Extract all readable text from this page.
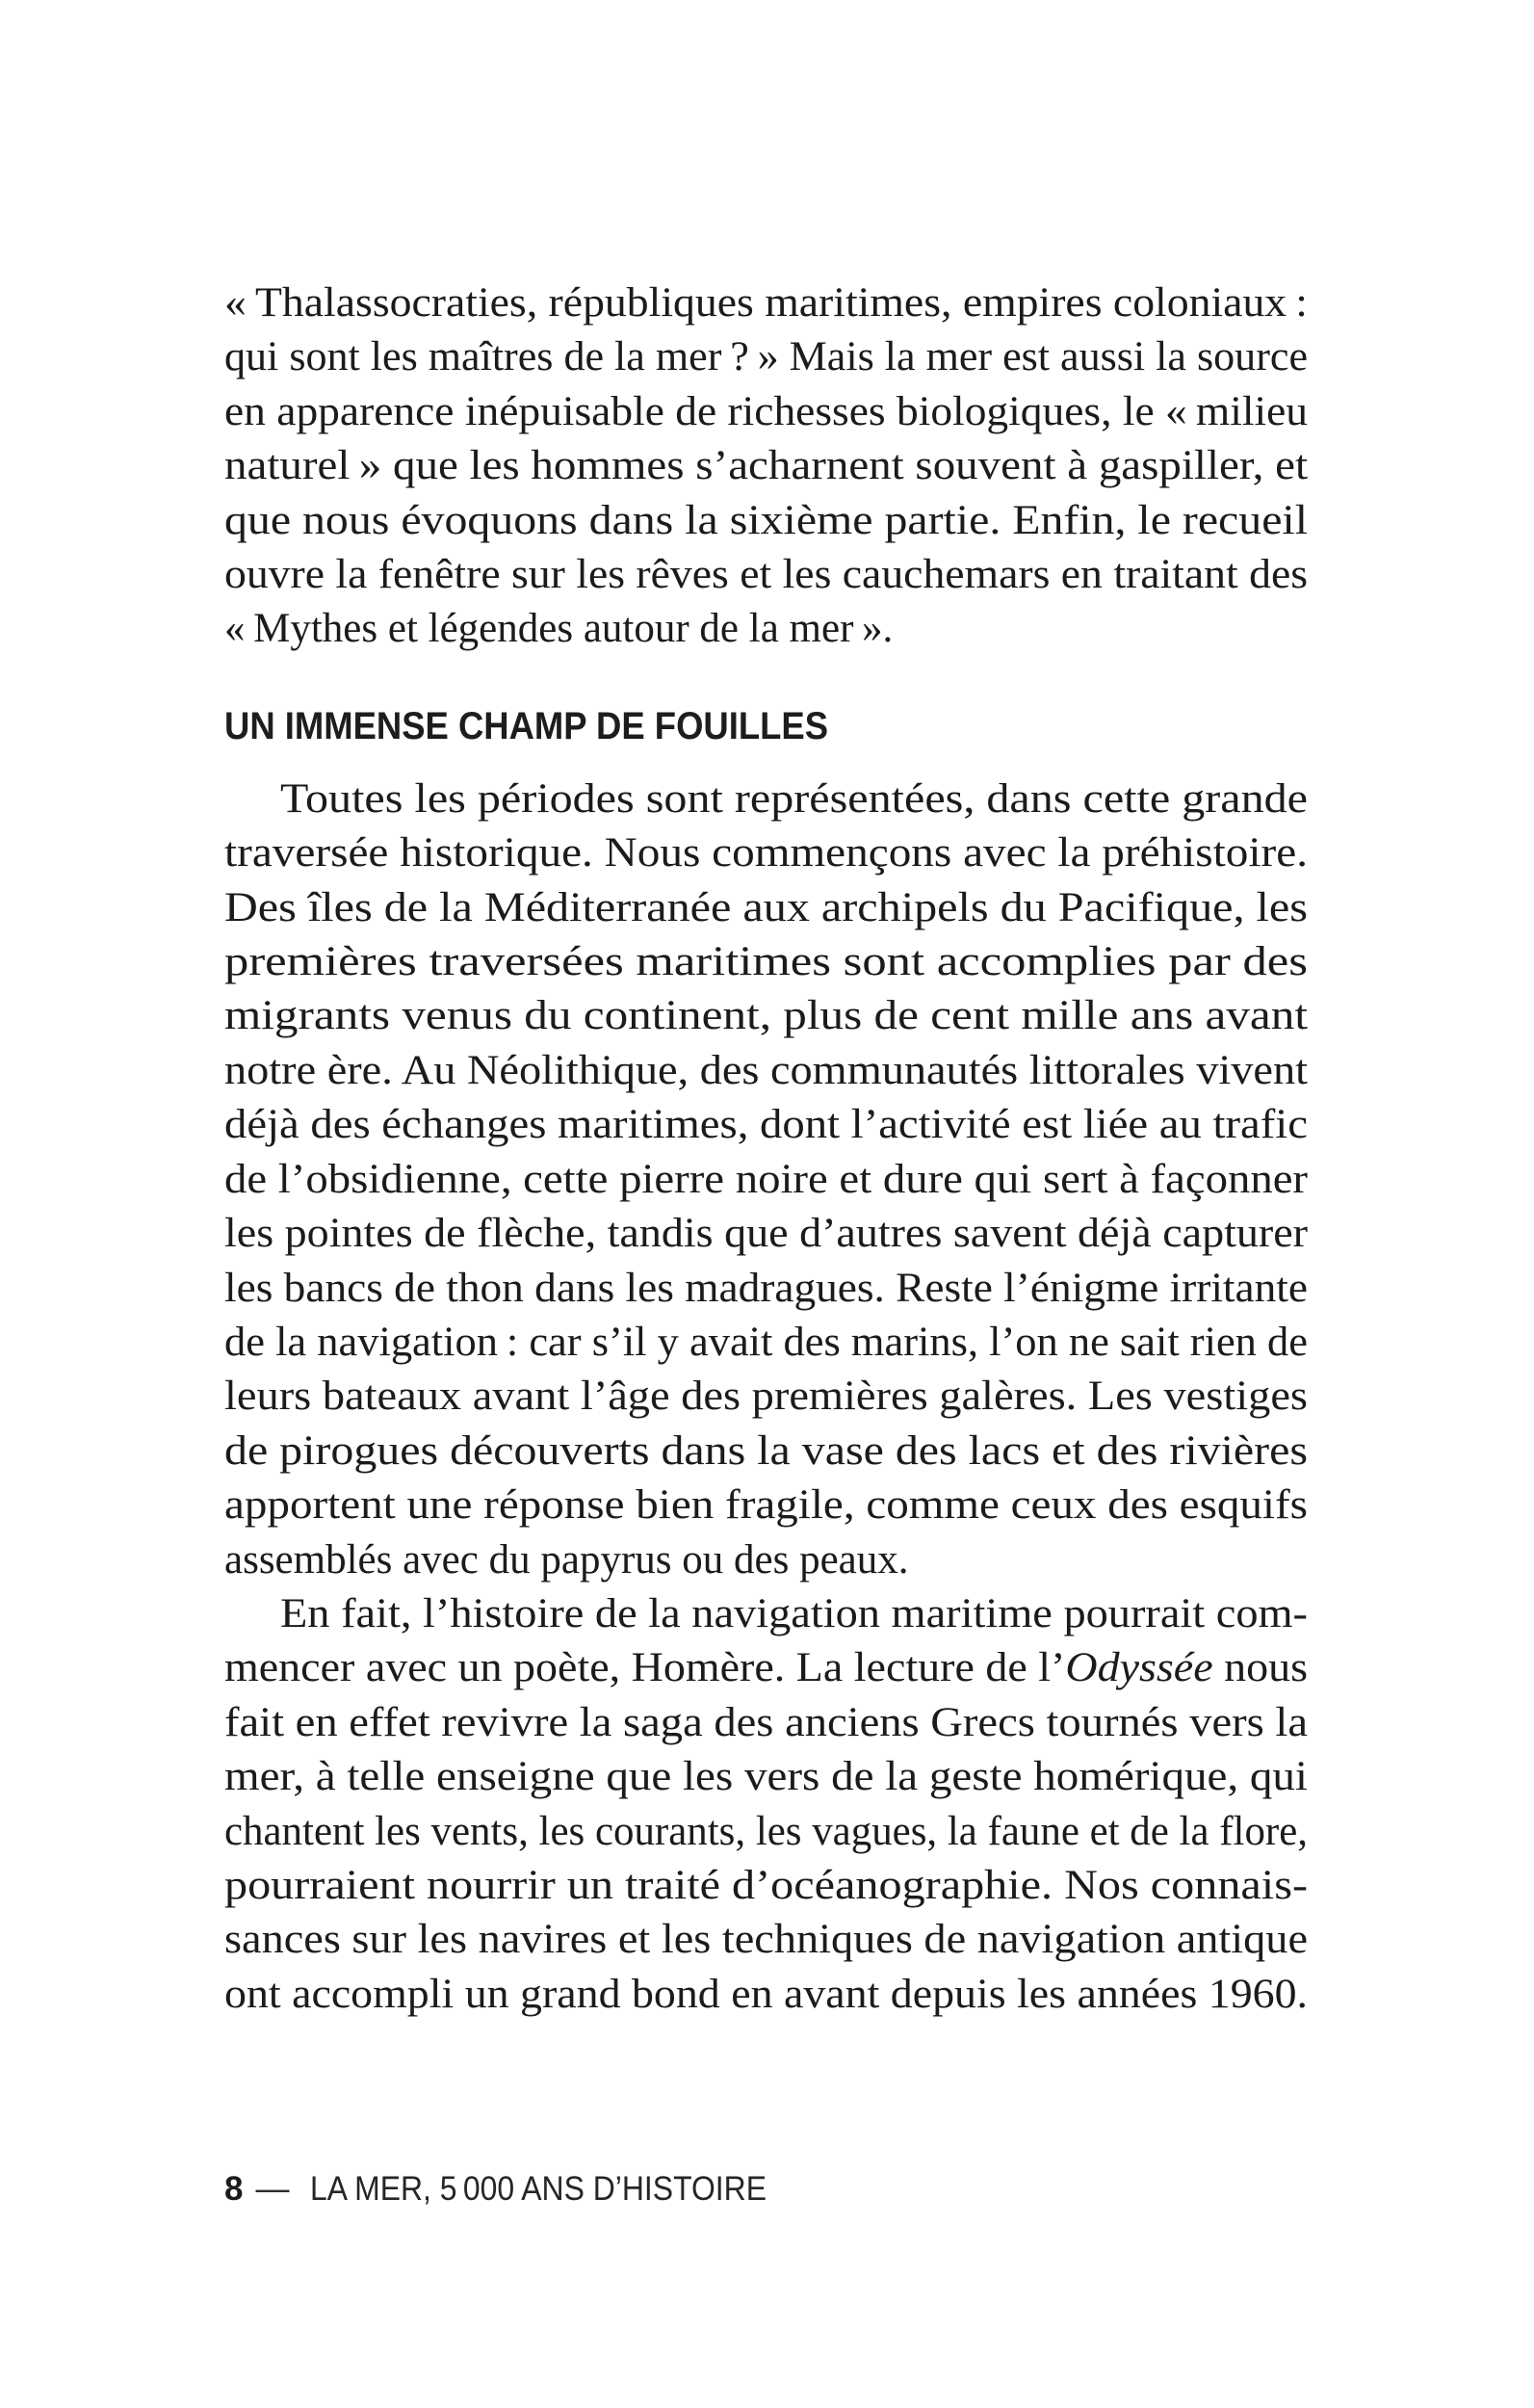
« Thalassocraties, républiques maritimes, empires coloniaux :
qui sont les maîtres de la mer ? » Mais la mer est aussi la source
en apparence inépuisable de richesses biologiques, le « milieu
naturel » que les hommes s’acharnent souvent à gaspiller, et
que nous évoquons dans la sixième partie. Enfin, le recueil
ouvre la fenêtre sur les rêves et les cauchemars en traitant des
« Mythes et légendes autour de la mer ».
UN IMMENSE CHAMP DE FOUILLES
Toutes les périodes sont représentées, dans cette grande
traversée historique. Nous commençons avec la préhistoire.
Des îles de la Méditerranée aux archipels du Pacifique, les
premières traversées maritimes sont accomplies par des
migrants venus du continent, plus de cent mille ans avant
notre ère. Au Néolithique, des communautés littorales vivent
déjà des échanges maritimes, dont l’activité est liée au trafic
de l’obsidienne, cette pierre noire et dure qui sert à façonner
les pointes de flèche, tandis que d’autres savent déjà capturer
les bancs de thon dans les madragues. Reste l’énigme irritante
de la navigation : car s’il y avait des marins, l’on ne sait rien de
leurs bateaux avant l’âge des premières galères. Les vestiges
de pirogues découverts dans la vase des lacs et des rivières
apportent une réponse bien fragile, comme ceux des esquifs
assemblés avec du papyrus ou des peaux.
En fait, l’histoire de la navigation maritime pourrait com-
mencer avec un poète, Homère. La lecture de l’Odyssée nous
fait en effet revivre la saga des anciens Grecs tournés vers la
mer, à telle enseigne que les vers de la geste homérique, qui
chantent les vents, les courants, les vagues, la faune et de la flore,
pourraient nourrir un traité d’océanographie. Nos connais-
sances sur les navires et les techniques de navigation antique
ont accompli un grand bond en avant depuis les années 1960.
8 — LA MER, 5 000 ANS D’HISTOIRE
